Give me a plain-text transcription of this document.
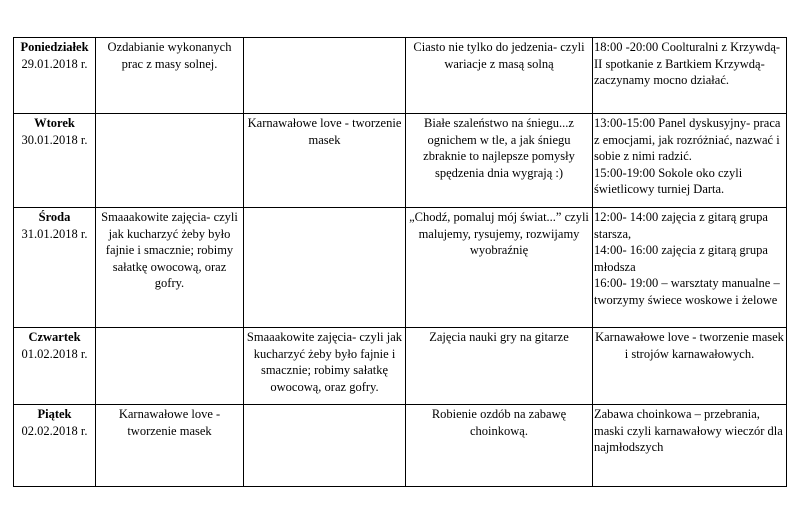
Poniedziałek
29.01.2018 r.	Ozdabianie wykonanych prac z masy solnej.		Ciasto nie tylko do jedzenia- czyli wariacje z masą solną	18:00 -20:00 Coolturalni z Krzywdą- II spotkanie z Bartkiem Krzywdą- zaczynamy mocno działać.

Wtorek
30.01.2018 r.		Karnawałowe love - tworzenie masek	Białe szaleństwo na śniegu...z ognichem w tle, a jak śniegu zbraknie to najlepsze pomysły spędzenia dnia wygrają :)	13:00-15:00 Panel dyskusyjny- praca z emocjami, jak rozróżniać, nazwać i sobie z nimi radzić.
15:00-19:00 Sokole oko czyli świetlicowy turniej Darta.

Środa
31.01.2018 r.	Smaaakowite zajęcia- czyli jak kucharzyć żeby było fajnie i smacznie; robimy sałatkę owocową, oraz gofry.		„Chodź, pomaluj mój świat...” czyli malujemy, rysujemy, rozwijamy wyobraźnię	12:00- 14:00 zajęcia z gitarą grupa starsza,
14:00- 16:00 zajęcia z gitarą grupa młodsza
16:00- 19:00 – warsztaty manualne – tworzymy świece woskowe i żelowe

Czwartek
01.02.2018 r.		Smaaakowite zajęcia- czyli jak kucharzyć żeby było fajnie i smacznie; robimy sałatkę owocową, oraz gofry.	Zajęcia nauki gry na gitarze	Karnawałowe love - tworzenie masek i strojów karnawałowych.

Piątek
02.02.2018 r.	Karnawałowe love - tworzenie masek		Robienie ozdób na zabawę choinkową.	Zabawa choinkowa – przebrania, maski czyli karnawałowy wieczór dla najmłodszych
